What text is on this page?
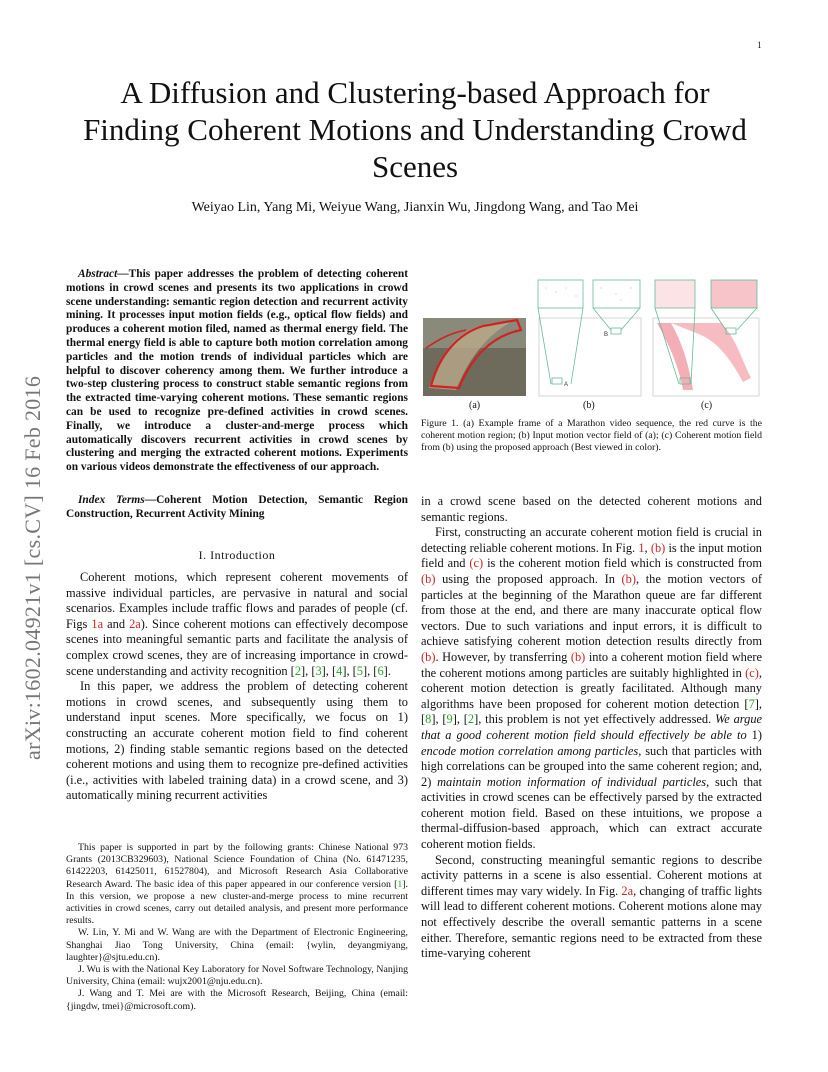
1
arXiv:1602.04921v1 [cs.CV] 16 Feb 2016
A Diffusion and Clustering-based Approach for Finding Coherent Motions and Understanding Crowd Scenes
Weiyao Lin, Yang Mi, Weiyue Wang, Jianxin Wu, Jingdong Wang, and Tao Mei

Abstract—This paper addresses the problem of detecting coherent motions in crowd scenes and presents its two applications in crowd scene understanding: semantic region detection and recurrent activity mining. It processes input motion fields (e.g., optical flow fields) and produces a coherent motion filed, named as thermal energy field. The thermal energy field is able to capture both motion correlation among particles and the motion trends of individual particles which are helpful to discover coherency among them. We further introduce a two-step clustering process to construct stable semantic regions from the extracted time-varying coherent motions. These semantic regions can be used to recognize pre-defined activities in crowd scenes. Finally, we introduce a cluster-and-merge process which automatically discovers recurrent activities in crowd scenes by clustering and merging the extracted coherent motions. Experiments on various videos demonstrate the effectiveness of our approach.

Index Terms—Coherent Motion Detection, Semantic Region Construction, Recurrent Activity Mining

I. Introduction

Coherent motions, which represent coherent movements of massive individual particles, are pervasive in natural and social scenarios. Examples include traffic flows and parades of people (cf. Figs 1a and 2a). Since coherent motions can effectively decompose scenes into meaningful semantic parts and facilitate the analysis of complex crowd scenes, they are of increasing importance in crowd-scene understanding and activity recognition [2], [3], [4], [5], [6].

In this paper, we address the problem of detecting coherent motions in crowd scenes, and subsequently using them to understand input scenes. More specifically, we focus on 1) constructing an accurate coherent motion field to find coherent motions, 2) finding stable semantic regions based on the detected coherent motions and using them to recognize pre-defined activities (i.e., activities with labeled training data) in a crowd scene, and 3) automatically mining recurrent activities

This paper is supported in part by the following grants: Chinese National 973 Grants (2013CB329603), National Science Foundation of China (No. 61471235, 61422203, 61425011, 61527804), and Microsoft Research Asia Collaborative Research Award. The basic idea of this paper appeared in our conference version [1]. In this version, we propose a new cluster-and-merge process to mine recurrent activities in crowd scenes, carry out detailed analysis, and present more performance results.

W. Lin, Y. Mi and W. Wang are with the Department of Electronic Engineering, Shanghai Jiao Tong University, China (email: {wylin, deyangmiyang, laughter}@sjtu.edu.cn).

J. Wu is with the National Key Laboratory for Novel Software Technology, Nanjing University, China (email: wujx2001@nju.edu.cn).

J. Wang and T. Mei are with the Microsoft Research, Beijing, China (email: {jingdw, tmei}@microsoft.com).

A
B
(a)	(b)	(c)
Figure 1. (a) Example frame of a Marathon video sequence, the red curve is the coherent motion region; (b) Input motion vector field of (a); (c) Coherent motion field from (b) using the proposed approach (Best viewed in color).

in a crowd scene based on the detected coherent motions and semantic regions.

First, constructing an accurate coherent motion field is crucial in detecting reliable coherent motions. In Fig. 1, (b) is the input motion field and (c) is the coherent motion field which is constructed from (b) using the proposed approach. In (b), the motion vectors of particles at the beginning of the Marathon queue are far different from those at the end, and there are many inaccurate optical flow vectors. Due to such variations and input errors, it is difficult to achieve satisfying coherent motion detection results directly from (b). However, by transferring (b) into a coherent motion field where the coherent motions among particles are suitably highlighted in (c), coherent motion detection is greatly facilitated. Although many algorithms have been proposed for coherent motion detection [7], [8], [9], [2], this problem is not yet effectively addressed. We argue that a good coherent motion field should effectively be able to 1) encode motion correlation among particles, such that particles with high correlations can be grouped into the same coherent region; and, 2) maintain motion information of individual particles, such that activities in crowd scenes can be effectively parsed by the extracted coherent motion field. Based on these intuitions, we propose a thermal-diffusion-based approach, which can extract accurate coherent motion fields.

Second, constructing meaningful semantic regions to describe activity patterns in a scene is also essential. Coherent motions at different times may vary widely. In Fig. 2a, changing of traffic lights will lead to different coherent motions. Coherent motions alone may not effectively describe the overall semantic patterns in a scene either. Therefore, semantic regions need to be extracted from these time-varying coherent
